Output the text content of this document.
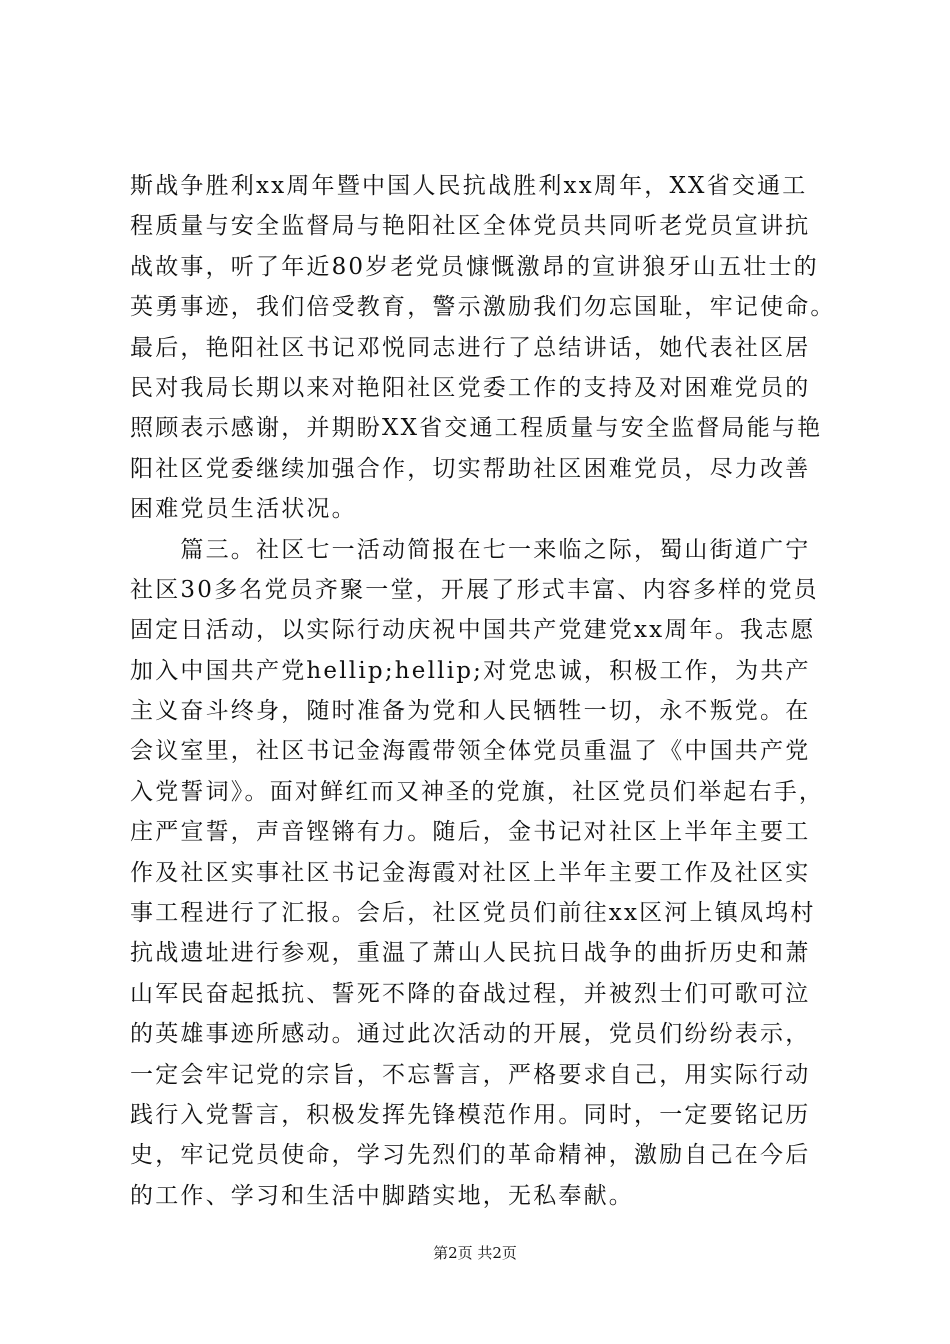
斯战争胜利xx周年暨中国人民抗战胜利xx周年，XX省交通工
程质量与安全监督局与艳阳社区全体党员共同听老党员宣讲抗
战故事，听了年近80岁老党员慷慨激昂的宣讲狼牙山五壮士的
英勇事迹，我们倍受教育，警示激励我们勿忘国耻，牢记使命。
最后，艳阳社区书记邓悦同志进行了总结讲话，她代表社区居
民对我局长期以来对艳阳社区党委工作的支持及对困难党员的
照顾表示感谢，并期盼XX省交通工程质量与安全监督局能与艳
阳社区党委继续加强合作，切实帮助社区困难党员，尽力改善
困难党员生活状况。
　　篇三。社区七一活动简报在七一来临之际，蜀山街道广宁
社区30多名党员齐聚一堂，开展了形式丰富、内容多样的党员
固定日活动，以实际行动庆祝中国共产党建党xx周年。我志愿
加入中国共产党hellip;hellip;对党忠诚，积极工作，为共产
主义奋斗终身，随时准备为党和人民牺牲一切，永不叛党。在
会议室里，社区书记金海霞带领全体党员重温了《中国共产党
入党誓词》。面对鲜红而又神圣的党旗，社区党员们举起右手，
庄严宣誓，声音铿锵有力。随后，金书记对社区上半年主要工
作及社区实事社区书记金海霞对社区上半年主要工作及社区实
事工程进行了汇报。会后，社区党员们前往xx区河上镇凤坞村
抗战遗址进行参观，重温了萧山人民抗日战争的曲折历史和萧
山军民奋起抵抗、誓死不降的奋战过程，并被烈士们可歌可泣
的英雄事迹所感动。通过此次活动的开展，党员们纷纷表示，
一定会牢记党的宗旨，不忘誓言，严格要求自己，用实际行动
践行入党誓言，积极发挥先锋模范作用。同时，一定要铭记历
史，牢记党员使命，学习先烈们的革命精神，激励自己在今后
的工作、学习和生活中脚踏实地，无私奉献。
第2页 共2页
